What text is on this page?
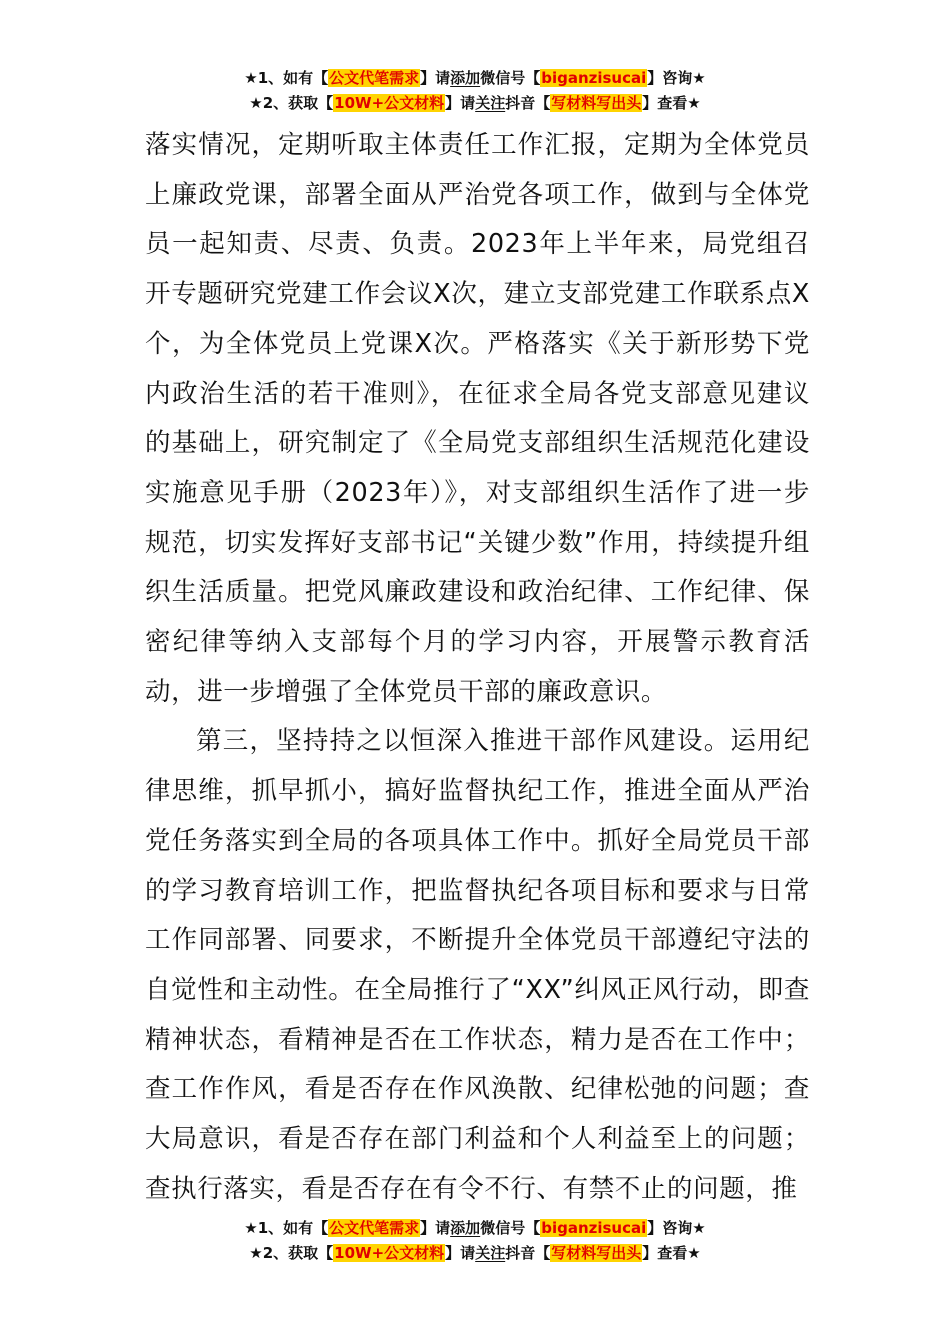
★1、如有【公文代笔需求】请添加微信号【biganzisucai】咨询★
★2、获取【10W+公文材料】请关注抖音【写材料写出头】查看★

落实情况，定期听取主体责任工作汇报，定期为全体党员上廉政党课，部署全面从严治党各项工作，做到与全体党员一起知责、尽责、负责。2023年上半年来，局党组召开专题研究党建工作会议X次，建立支部党建工作联系点X个，为全体党员上党课X次。严格落实《关于新形势下党内政治生活的若干准则》，在征求全局各党支部意见建议的基础上，研究制定了《全局党支部组织生活规范化建设实施意见手册（2023年）》，对支部组织生活作了进一步规范，切实发挥好支部书记“关键少数”作用，持续提升组织生活质量。把党风廉政建设和政治纪律、工作纪律、保密纪律等纳入支部每个月的学习内容，开展警示教育活动，进一步增强了全体党员干部的廉政意识。

第三，坚持持之以恒深入推进干部作风建设。运用纪律思维，抓早抓小，搞好监督执纪工作，推进全面从严治党任务落实到全局的各项具体工作中。抓好全局党员干部的学习教育培训工作，把监督执纪各项目标和要求与日常工作同部署、同要求，不断提升全体党员干部遵纪守法的自觉性和主动性。在全局推行了“XX”纠风正风行动，即查精神状态，看精神是否在工作状态，精力是否在工作中；查工作作风，看是否存在作风涣散、纪律松弛的问题；查大局意识，看是否存在部门利益和个人利益至上的问题；查执行落实，看是否存在有令不行、有禁不止的问题，推

★1、如有【公文代笔需求】请添加微信号【biganzisucai】咨询★
★2、获取【10W+公文材料】请关注抖音【写材料写出头】查看★
